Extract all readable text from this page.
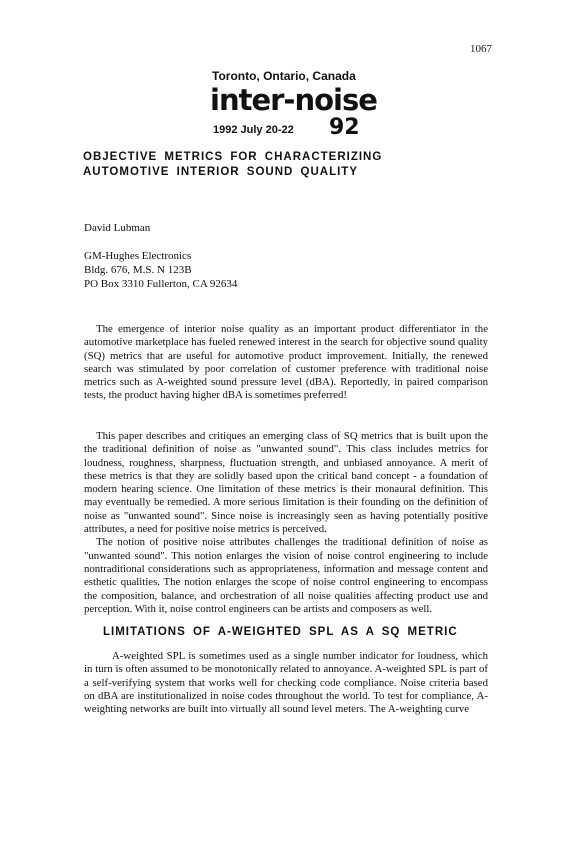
1067
Toronto, Ontario, Canada
inter-noise
1992 July 20-22 92
OBJECTIVE METRICS FOR CHARACTERIZING
AUTOMOTIVE INTERIOR SOUND QUALITY

David Lubman

GM-Hughes Electronics
Bldg. 676, M.S. N 123B
PO Box 3310 Fullerton, CA 92634

The emergence of interior noise quality as an important product differentiator in the automotive marketplace has fueled renewed interest in the search for objective sound quality (SQ) metrics that are useful for automotive product improvement. Initially, the renewed search was stimulated by poor correlation of customer preference with traditional noise metrics such as A-weighted sound pressure level (dBA). Reportedly, in paired comparison tests, the product having higher dBA is sometimes preferred!

This paper describes and critiques an emerging class of SQ metrics that is built upon the the traditional definition of noise as "unwanted sound". This class includes metrics for loudness, roughness, sharpness, fluctuation strength, and unbiased annoyance. A merit of these metrics is that they are solidly based upon the critical band concept - a foundation of modern hearing science. One limitation of these metrics is their monaural definition. This may eventually be remedied. A more serious limitation is their founding on the definition of noise as "unwanted sound". Since noise is increasingly seen as having potentially positive attributes, a need for positive noise metrics is perceived.

The notion of positive noise attributes challenges the traditional definition of noise as "unwanted sound". This notion enlarges the vision of noise control engineering to include nontraditional considerations such as appropriateness, information and message content and esthetic qualities. The notion enlarges the scope of noise control engineering to encompass the composition, balance, and orchestration of all noise qualities affecting product use and perception. With it, noise control engineers can be artists and composers as well.

LIMITATIONS OF A-WEIGHTED SPL AS A SQ METRIC

A-weighted SPL is sometimes used as a single number indicator for loudness, which in turn is often assumed to be monotonically related to annoyance. A-weighted SPL is part of a self-verifying system that works well for checking code compliance. Noise criteria based on dBA are institutionalized in noise codes throughout the world. To test for compliance, A-weighting networks are built into virtually all sound level meters. The A-weighting curve
